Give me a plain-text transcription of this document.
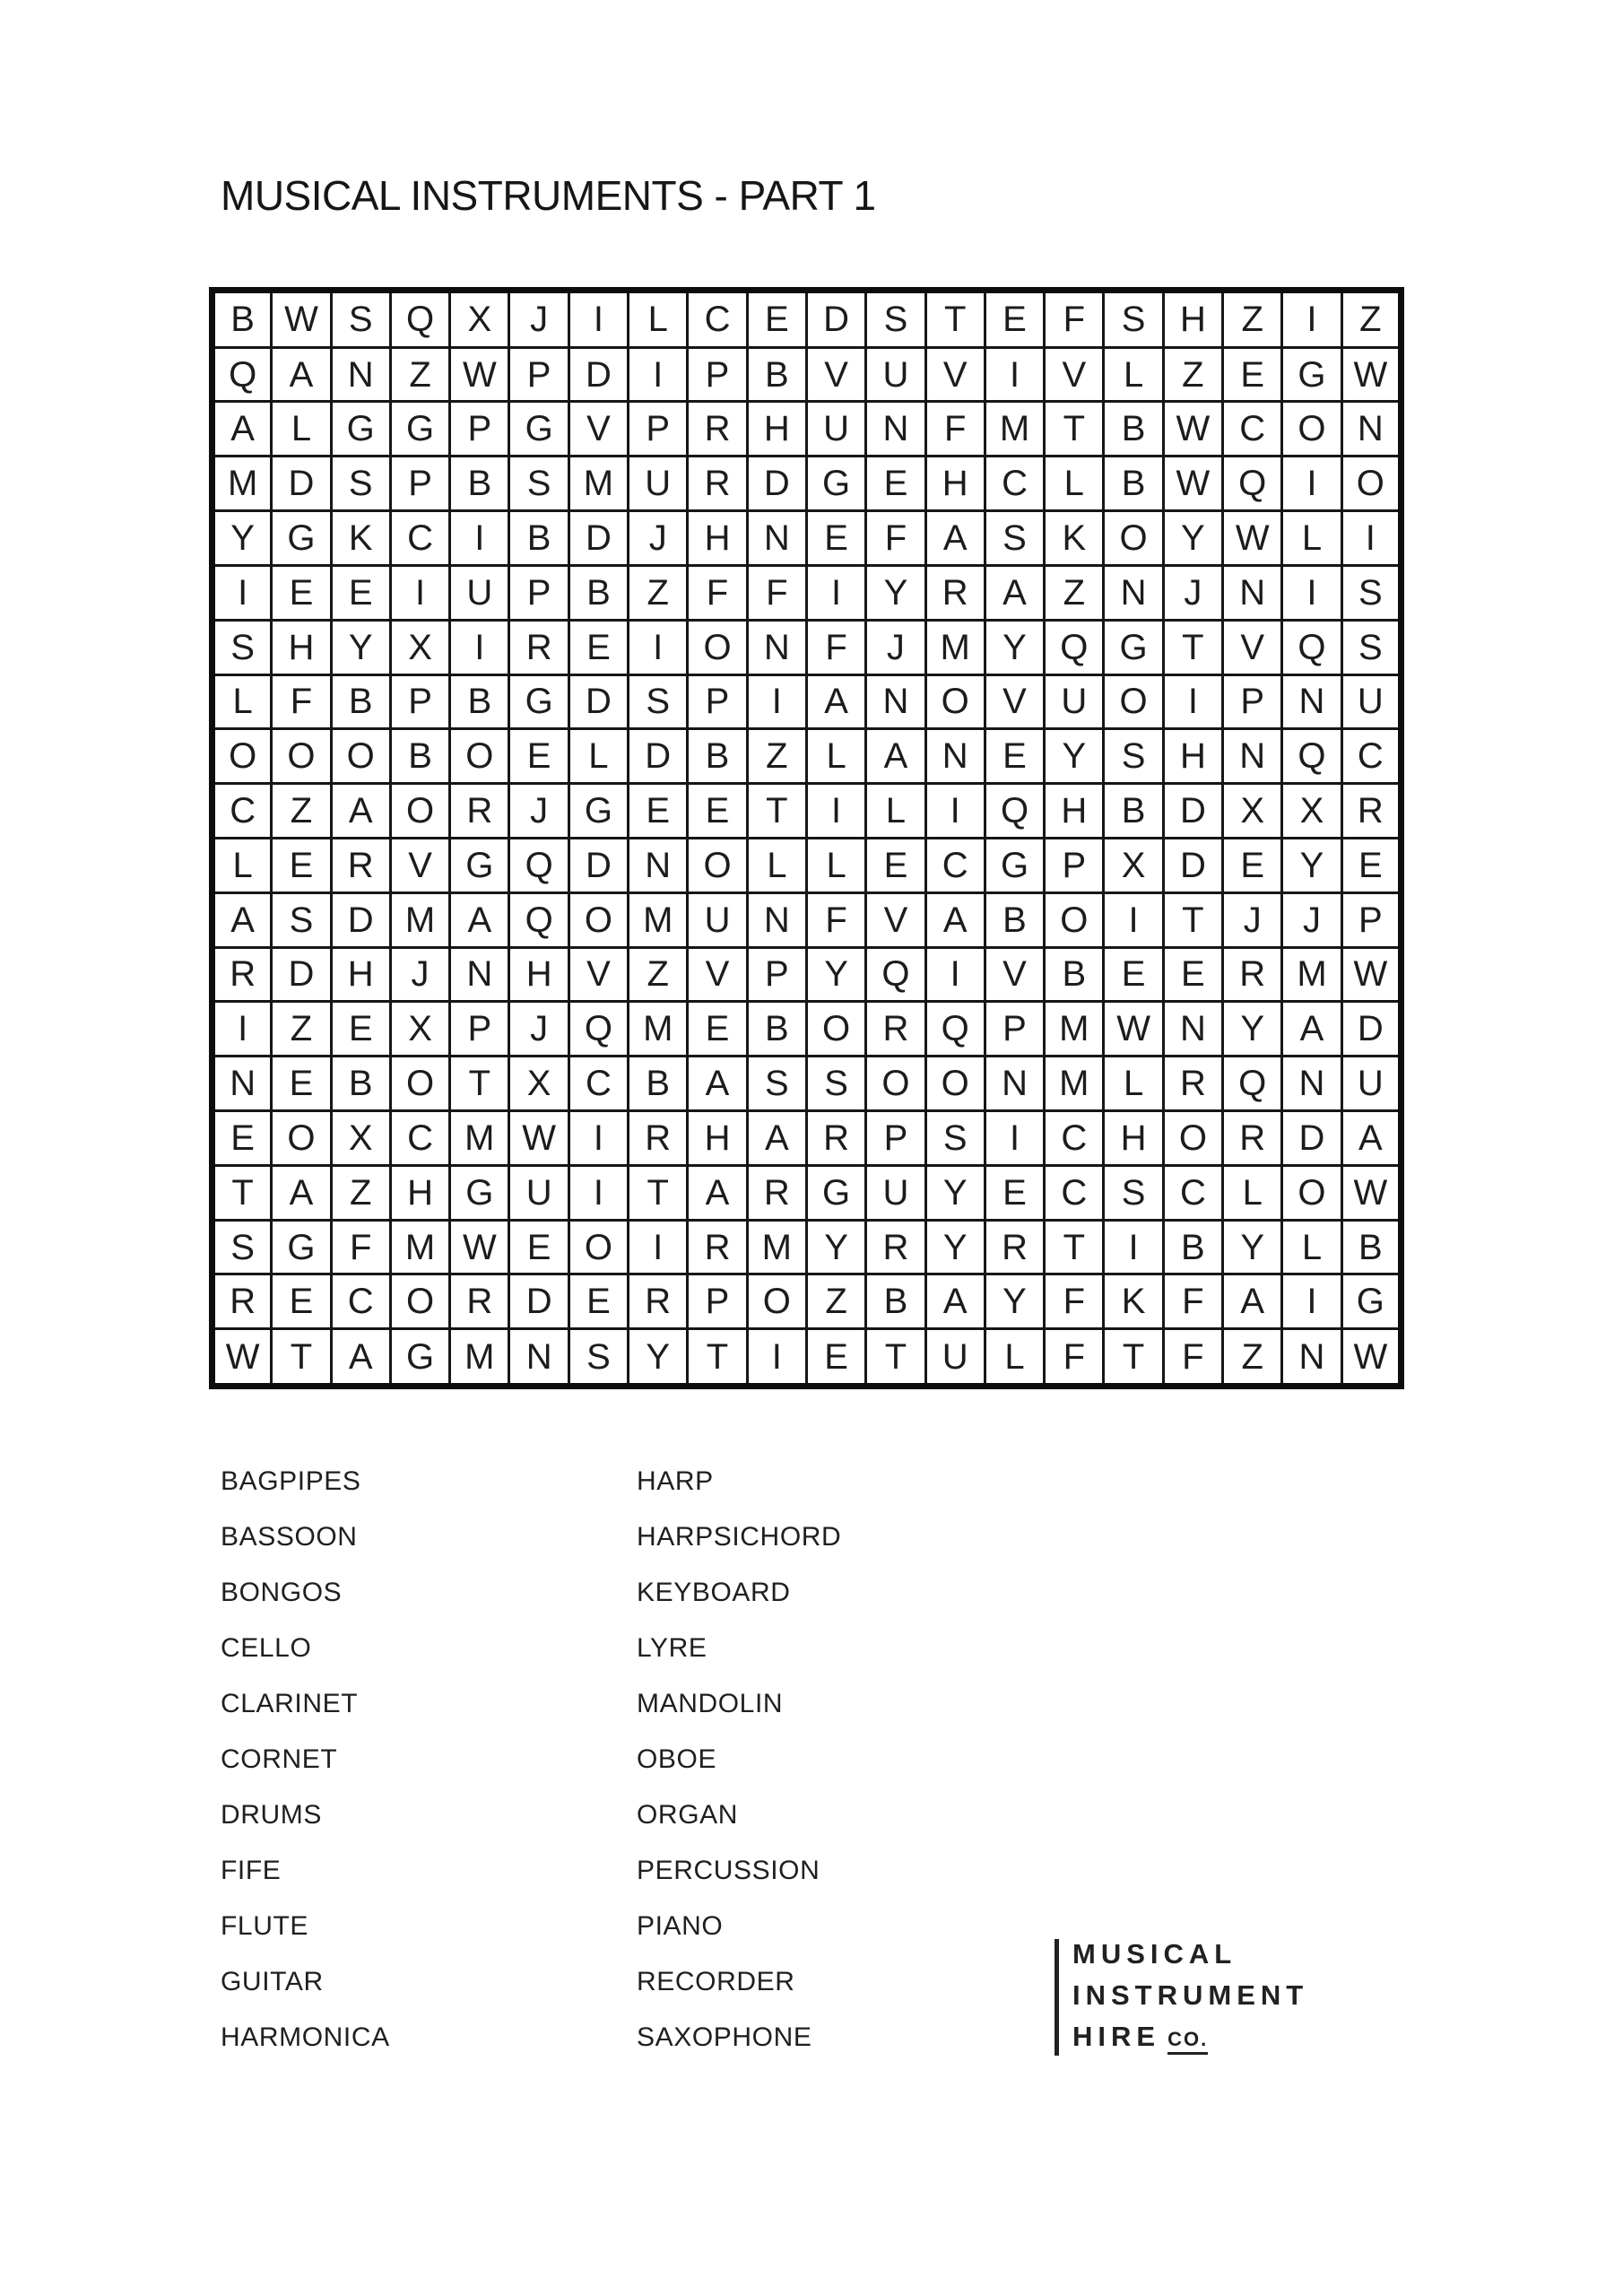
MUSICAL INSTRUMENTS - PART 1
B	W	S	Q	X	J	I	L	C	E	D	S	T	E	F	S	H	Z	I	Z
Q	A	N	Z	W	P	D	I	P	B	V	U	V	I	V	L	Z	E	G	W
A	L	G	G	P	G	V	P	R	H	U	N	F	M	T	B	W	C	O	N
M	D	S	P	B	S	M	U	R	D	G	E	H	C	L	B	W	Q	I	O
Y	G	K	C	I	B	D	J	H	N	E	F	A	S	K	O	Y	W	L	I
I	E	E	I	U	P	B	Z	F	F	I	Y	R	A	Z	N	J	N	I	S
S	H	Y	X	I	R	E	I	O	N	F	J	M	Y	Q	G	T	V	Q	S
L	F	B	P	B	G	D	S	P	I	A	N	O	V	U	O	I	P	N	U
O	O	O	B	O	E	L	D	B	Z	L	A	N	E	Y	S	H	N	Q	C
C	Z	A	O	R	J	G	E	E	T	I	L	I	Q	H	B	D	X	X	R
L	E	R	V	G	Q	D	N	O	L	L	E	C	G	P	X	D	E	Y	E
A	S	D	M	A	Q	O	M	U	N	F	V	A	B	O	I	T	J	J	P
R	D	H	J	N	H	V	Z	V	P	Y	Q	I	V	B	E	E	R	M	W
I	Z	E	X	P	J	Q	M	E	B	O	R	Q	P	M	W	N	Y	A	D
N	E	B	O	T	X	C	B	A	S	S	O	O	N	M	L	R	Q	N	U
E	O	X	C	M	W	I	R	H	A	R	P	S	I	C	H	O	R	D	A
T	A	Z	H	G	U	I	T	A	R	G	U	Y	E	C	S	C	L	O	W
S	G	F	M	W	E	O	I	R	M	Y	R	Y	R	T	I	B	Y	L	B
R	E	C	O	R	D	E	R	P	O	Z	B	A	Y	F	K	F	A	I	G
W	T	A	G	M	N	S	Y	T	I	E	T	U	L	F	T	F	Z	N	W
BAGPIPES
BASSOON
BONGOS
CELLO
CLARINET
CORNET
DRUMS
FIFE
FLUTE
GUITAR
HARMONICA
HARP
HARPSICHORD
KEYBOARD
LYRE
MANDOLIN
OBOE
ORGAN
PERCUSSION
PIANO
RECORDER
SAXOPHONE
MUSICAL
INSTRUMENT
HIRE CO.
